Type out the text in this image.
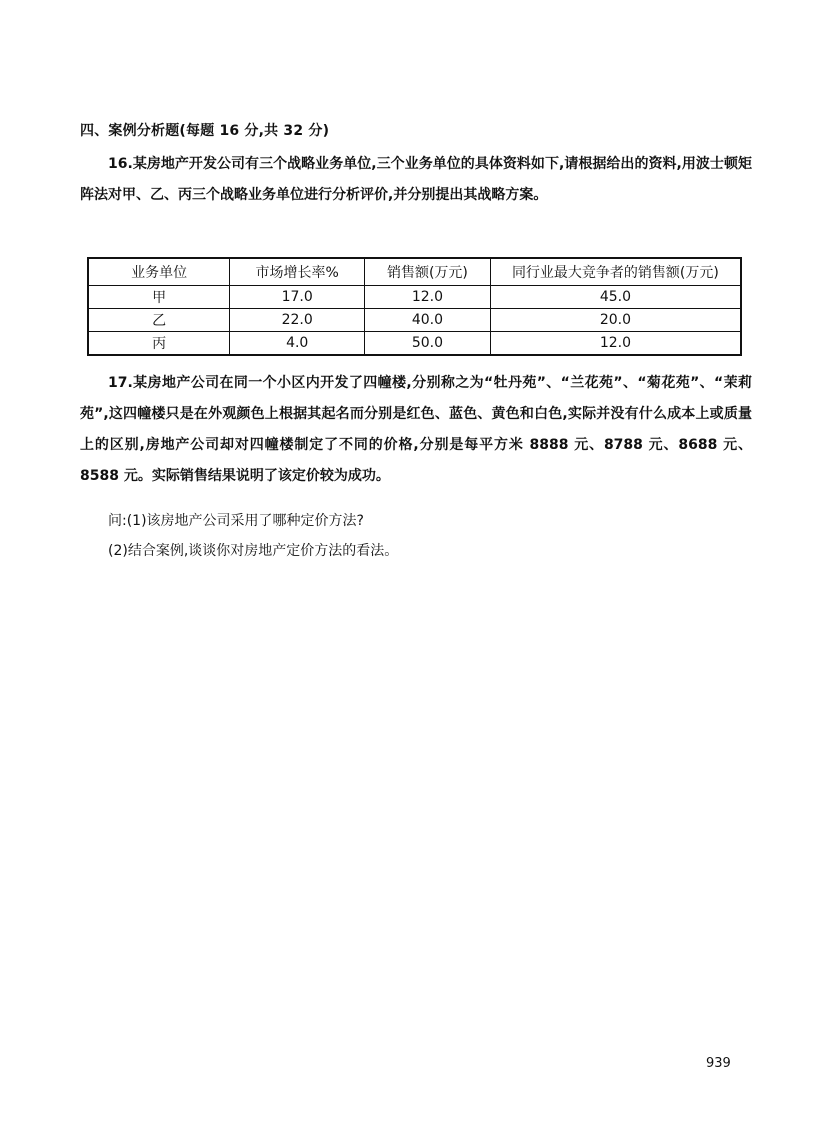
四、案例分析题(每题 16 分,共 32 分)
16.某房地产开发公司有三个战略业务单位,三个业务单位的具体资料如下,请根据给出的资料,用波士顿矩阵法对甲、乙、丙三个战略业务单位进行分析评价,并分别提出其战略方案。
业务单位	市场增长率%	销售额(万元)	同行业最大竞争者的销售额(万元)
甲	17.0	12.0	45.0
乙	22.0	40.0	20.0
丙	4.0	50.0	12.0
17.某房地产公司在同一个小区内开发了四幢楼,分别称之为“牡丹苑”、“兰花苑”、“菊花苑”、“茉莉苑”,这四幢楼只是在外观颜色上根据其起名而分别是红色、蓝色、黄色和白色,实际并没有什么成本上或质量上的区别,房地产公司却对四幢楼制定了不同的价格,分别是每平方米 8888 元、8788 元、8688 元、8588 元。实际销售结果说明了该定价较为成功。
问:(1)该房地产公司采用了哪种定价方法?
(2)结合案例,谈谈你对房地产定价方法的看法。
939
